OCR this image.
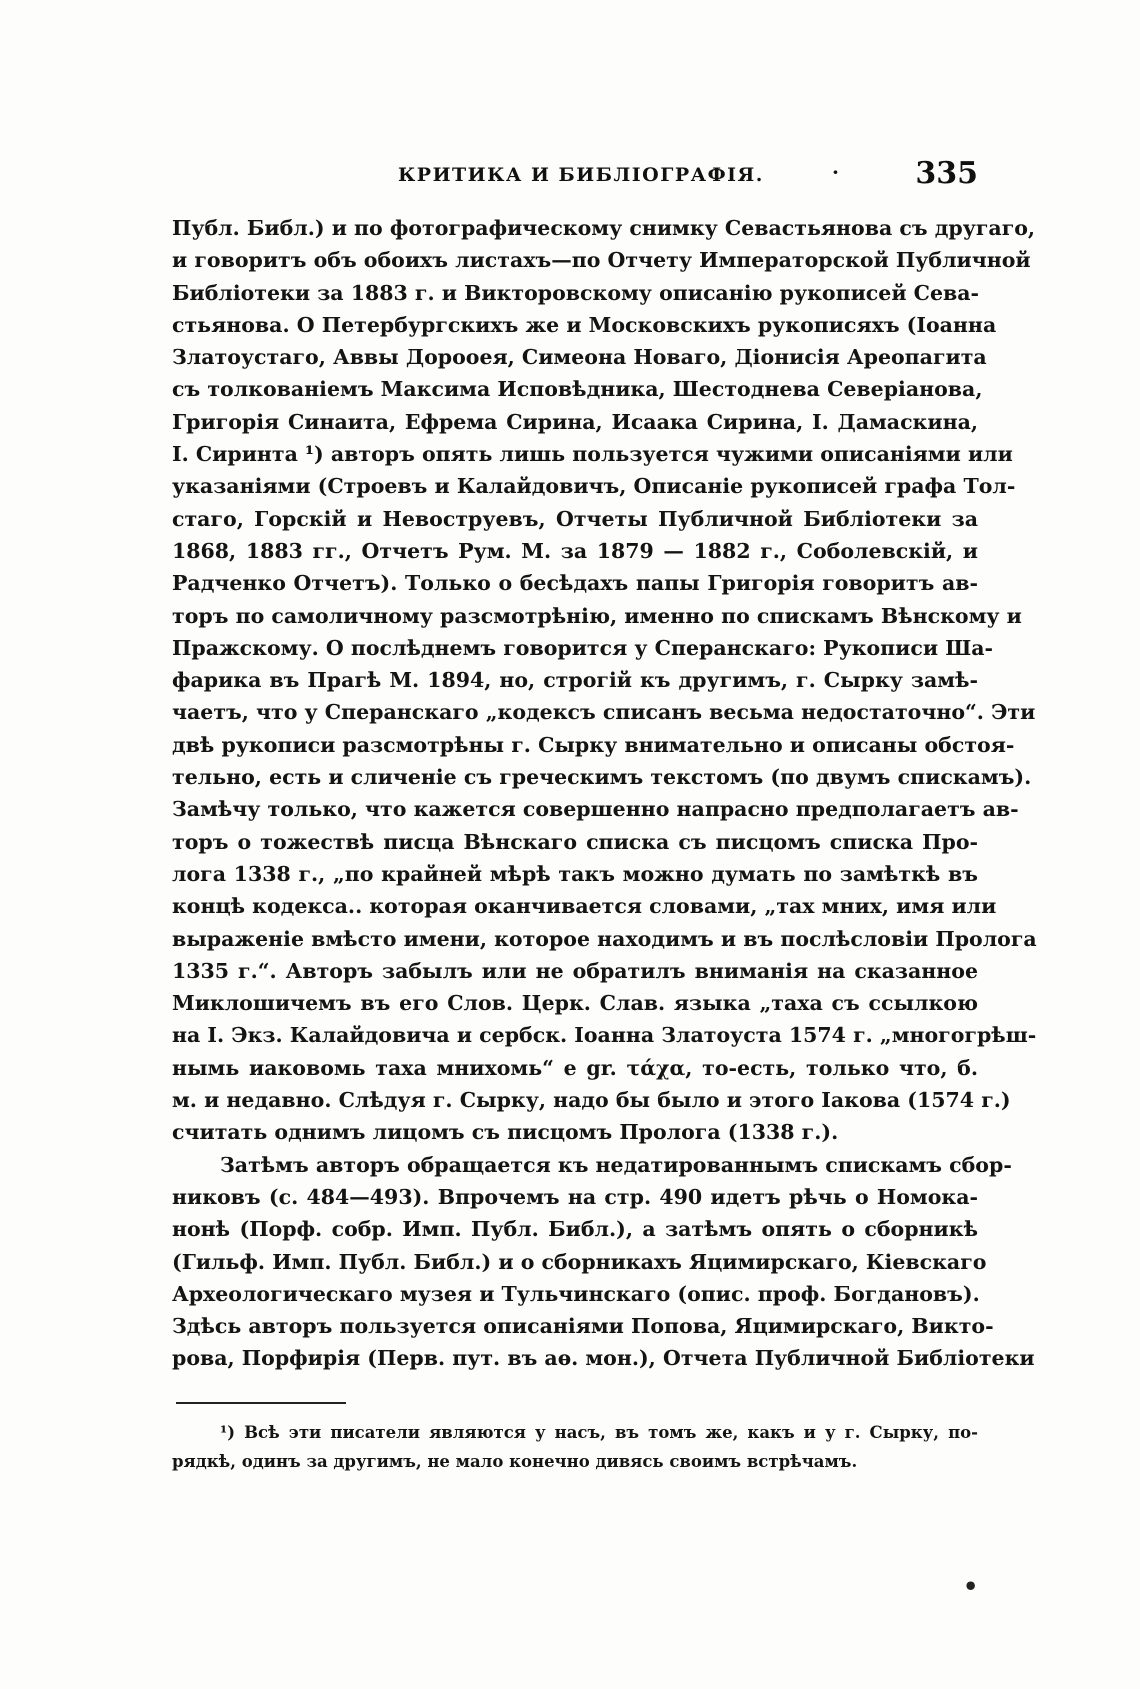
КРИТИКА И БИБЛІОГРАФІЯ.	·	335
Публ. Библ.) и по фотографическому снимку Севастьянова съ другаго,
и говоритъ объ обоихъ листахъ—по Отчету Императорской Публичной
Библіотеки за 1883 г. и Викторовскому описанію рукописей Сева-
стьянова. О Петербургскихъ же и Московскихъ рукописяхъ (Іоанна
Златоустаго, Аввы Дорооея, Симеона Новаго, Діонисія Ареопагита
съ толкованіемъ Максима Исповѣдника, Шестоднева Северіанова,
Григорія Синаита, Ефрема Сирина, Исаака Сирина, І. Дамаскина,
І. Сиринта ¹) авторъ опять лишь пользуется чужими описаніями или
указаніями (Строевъ и Калайдовичъ, Описаніе рукописей графа Тол-
стаго, Горскій и Невоструевъ, Отчеты Публичной Библіотеки за
1868, 1883 гг., Отчетъ Рум. М. за 1879 — 1882 г., Соболевскій, и
Радченко Отчетъ). Только о бесѣдахъ папы Григорія говоритъ ав-
торъ по самоличному разсмотрѣнію, именно по спискамъ Вѣнскому и
Пражскому. О послѣднемъ говорится у Сперанскаго: Рукописи Ша-
фарика въ Прагѣ М. 1894, но, строгій къ другимъ, г. Сырку замѣ-
чаетъ, что у Сперанскаго „кодексъ списанъ весьма недостаточно“. Эти
двѣ рукописи разсмотрѣны г. Сырку внимательно и описаны обстоя-
тельно, есть и сличеніе съ греческимъ текстомъ (по двумъ спискамъ).
Замѣчу только, что кажется совершенно напрасно предполагаетъ ав-
торъ о тожествѣ писца Вѣнскаго списка съ писцомъ списка Про-
лога 1338 г., „по крайней мѣрѣ такъ можно думать по замѣткѣ въ
концѣ кодекса.. которая оканчивается словами, „тах мних, имя или
выраженіе вмѣсто имени, которое находимъ и въ послѣсловіи Пролога
1335 г.“. Авторъ забылъ или не обратилъ вниманія на сказанное
Миклошичемъ въ его Слов. Церк. Слав. языка „таха съ ссылкою
на І. Экз. Калайдовича и сербск. Іоанна Златоуста 1574 г. „многогрѣш-
нымь иаковомь таха мнихомь“ e gr. τάχα, то-есть, только что, б.
м. и недавно. Слѣдуя г. Сырку, надо бы было и этого Іакова (1574 г.)
считать однимъ лицомъ съ писцомъ Пролога (1338 г.).
Затѣмъ авторъ обращается къ недатированнымъ спискамъ сбор-
никовъ (с. 484—493). Впрочемъ на стр. 490 идетъ рѣчь о Номока-
нонѣ (Порф. собр. Имп. Публ. Библ.), а затѣмъ опять о сборникѣ
(Гильф. Имп. Публ. Библ.) и о сборникахъ Яцимирскаго, Кіевскаго
Археологическаго музея и Тульчинскаго (опис. проф. Богдановъ).
Здѣсь авторъ пользуется описаніями Попова, Яцимирскаго, Викто-
рова, Порфирія (Перв. пут. въ аѳ. мон.), Отчета Публичной Библіотеки
¹) Всѣ эти писатели являются у насъ, въ томъ же, какъ и у г. Сырку, по-
рядкѣ, одинъ за другимъ, не мало конечно дивясь своимъ встрѣчамъ.
•
